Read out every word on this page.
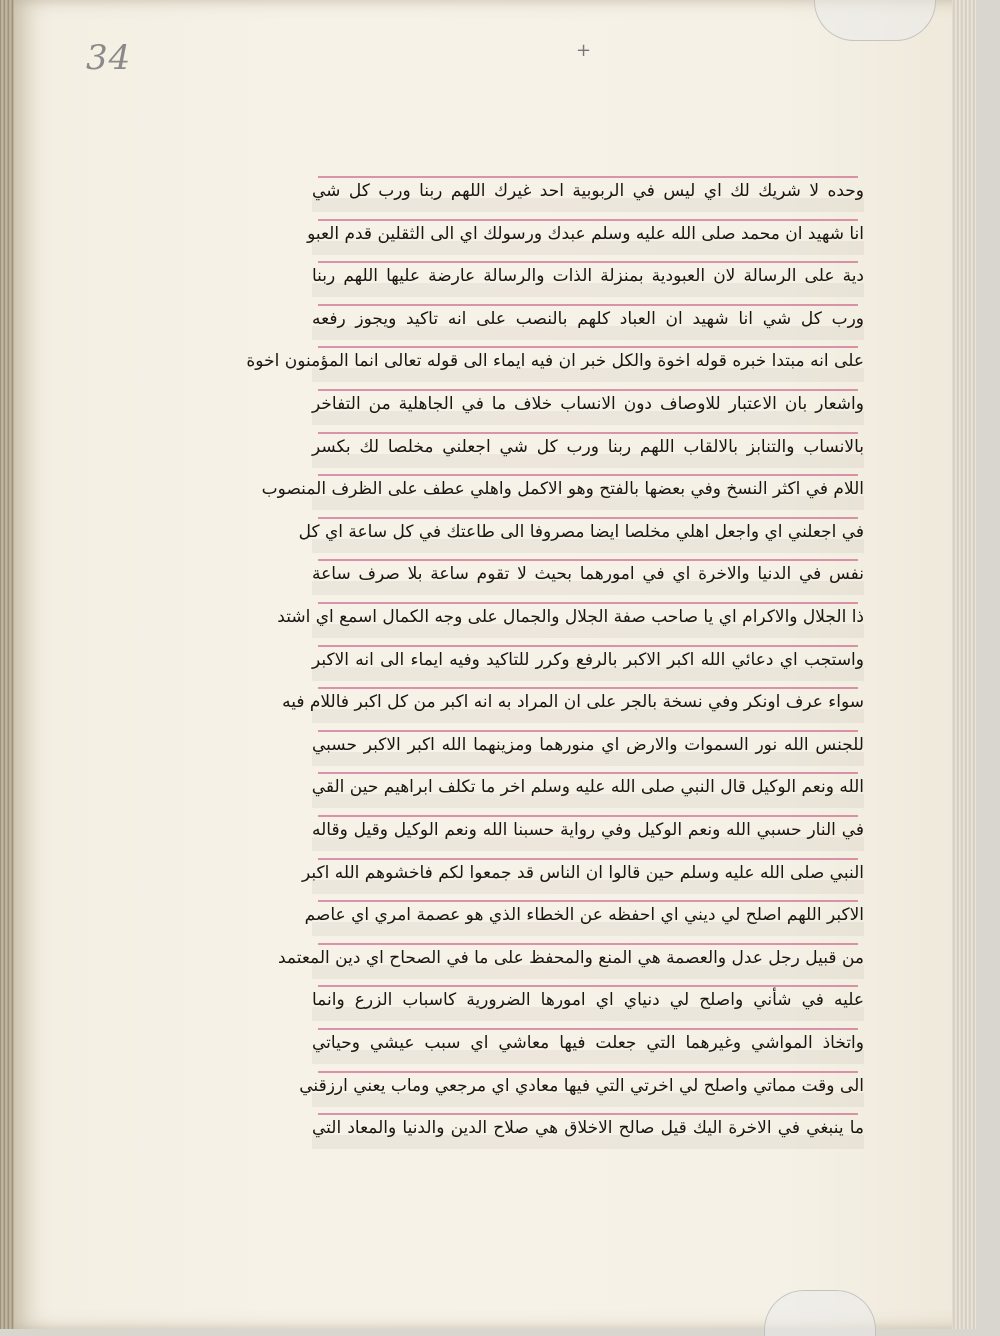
34	+
وحده لا شريك لك اي ليس في الربوبية احد غيرك اللهم ربنا ورب كل شي
انا شهيد ان محمد صلى الله عليه وسلم عبدك ورسولك اي الى الثقلين قدم العبو
دية على الرسالة لان العبودية بمنزلة الذات والرسالة عارضة عليها اللهم ربنا
ورب كل شي انا شهيد ان العباد كلهم بالنصب على انه تاكيد ويجوز رفعه
على انه مبتدا خبره قوله اخوة والكل خبر ان فيه ايماء الى قوله تعالى انما المؤمنون اخوة
واشعار بان الاعتبار للاوصاف دون الانساب خلاف ما في الجاهلية من التفاخر
بالانساب والتنابز بالالقاب اللهم ربنا ورب كل شي اجعلني مخلصا لك بكسر
اللام في اكثر النسخ وفي بعضها بالفتح وهو الاكمل واهلي عطف على الظرف المنصوب
في اجعلني اي واجعل اهلي مخلصا ايضا مصروفا الى طاعتك في كل ساعة اي كل
نفس في الدنيا والاخرة اي في امورهما بحيث لا تقوم ساعة بلا صرف ساعة
ذا الجلال والاكرام اي يا صاحب صفة الجلال والجمال على وجه الكمال اسمع اي اشتد
واستجب اي دعائي الله اكبر الاكبر بالرفع وكرر للتاكيد وفيه ايماء الى انه الاكبر
سواء عرف اونكر وفي نسخة بالجر على ان المراد به انه اكبر من كل اكبر فاللام فيه
للجنس الله نور السموات والارض اي منورهما ومزينهما الله اكبر الاكبر حسبي
الله ونعم الوكيل قال النبي صلى الله عليه وسلم اخر ما تكلف ابراهيم حين القي
في النار حسبي الله ونعم الوكيل وفي رواية حسبنا الله ونعم الوكيل وقيل وقاله
النبي صلى الله عليه وسلم حين قالوا ان الناس قد جمعوا لكم فاخشوهم الله اكبر
الاكبر اللهم اصلح لي ديني اي احفظه عن الخطاء الذي هو عصمة امري اي عاصم
من قبيل رجل عدل والعصمة هي المنع والمحفظ على ما في الصحاح اي دين المعتمد
عليه في شأني واصلح لي دنياي اي امورها الضرورية كاسباب الزرع وانما
واتخاذ المواشي وغيرهما التي جعلت فيها معاشي اي سبب عيشي وحياتي
الى وقت مماتي واصلح لي اخرتي التي فيها معادي اي مرجعي وماب يعني ارزقني
ما ينبغي في الاخرة اليك قيل صالح الاخلاق هي صلاح الدين والدنيا والمعاد التي
